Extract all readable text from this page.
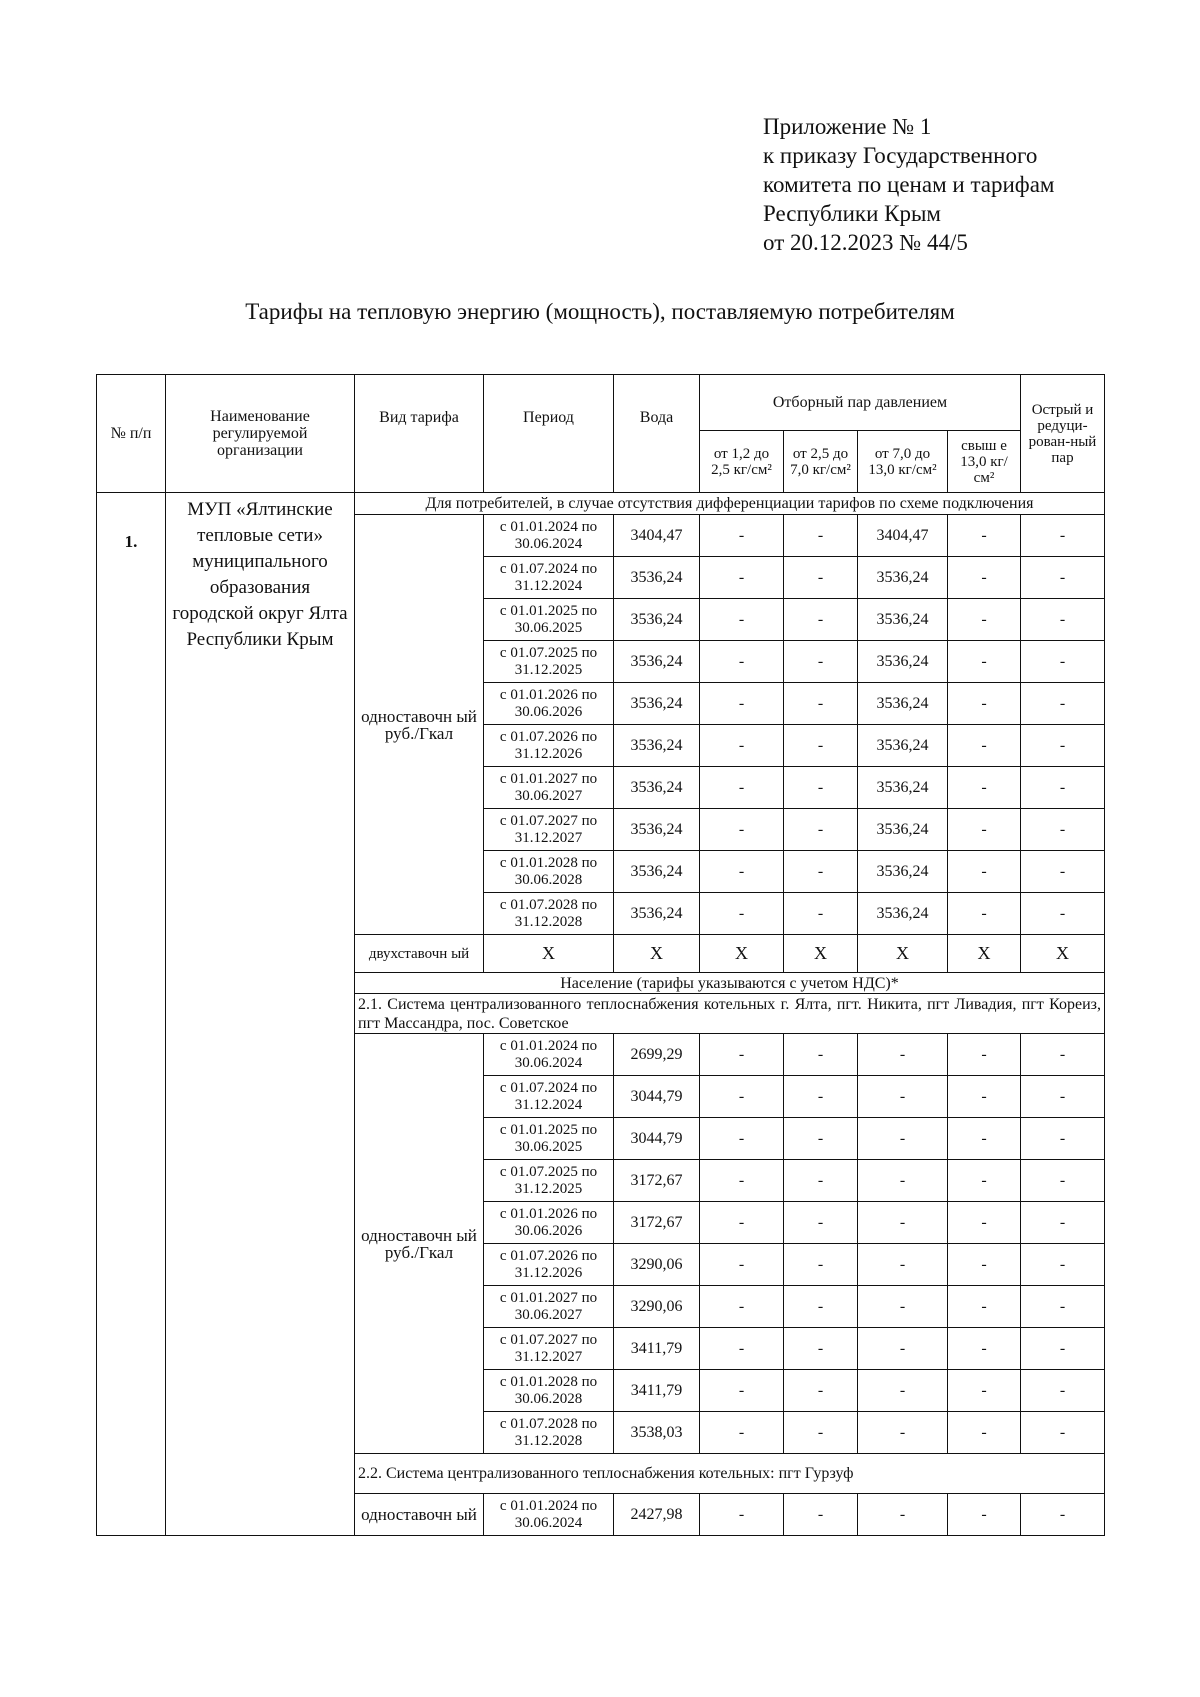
Приложение № 1
к приказу Государственного
комитета по ценам и тарифам
Республики Крым
от 20.12.2023 № 44/5
Тарифы на тепловую энергию (мощность), поставляемую потребителям
№ п/п	Наименование регулируемой организации	Вид тарифа	Период	Вода	Отборный пар давлением				Острый и редуци-рован-ный пар
					от 1,2 до 2,5 кг/см²	от 2,5 до 7,0 кг/см²	от 7,0 до 13,0 кг/см²	свыш е 13,0 кг/см²	
1.	МУП «Ялтинские тепловые сети» муниципального образования городской округ Ялта Республики Крым	Для потребителей, в случае отсутствия дифференциации тарифов по схеме подключения							
		одноставочн ый руб./Гкал	с 01.01.2024 по 30.06.2024	3404,47	-	-	3404,47	-	-
			с 01.07.2024 по 31.12.2024	3536,24	-	-	3536,24	-	-
			с 01.01.2025 по 30.06.2025	3536,24	-	-	3536,24	-	-
			с 01.07.2025 по 31.12.2025	3536,24	-	-	3536,24	-	-
			с 01.01.2026 по 30.06.2026	3536,24	-	-	3536,24	-	-
			с 01.07.2026 по 31.12.2026	3536,24	-	-	3536,24	-	-
			с 01.01.2027 по 30.06.2027	3536,24	-	-	3536,24	-	-
			с 01.07.2027 по 31.12.2027	3536,24	-	-	3536,24	-	-
			с 01.01.2028 по 30.06.2028	3536,24	-	-	3536,24	-	-
			с 01.07.2028 по 31.12.2028	3536,24	-	-	3536,24	-	-
		двухставочн ый	Х	Х	Х	Х	Х	Х	Х
		Население (тарифы указываются с учетом НДС)*							
		2.1. Система централизованного теплоснабжения котельных г. Ялта, пгт. Никита, пгт Ливадия, пгт Кореиз, пгт Массандра, пос. Советское							
		одноставочн ый руб./Гкал	с 01.01.2024 по 30.06.2024	2699,29	-	-	-	-	-
			с 01.07.2024 по 31.12.2024	3044,79	-	-	-	-	-
			с 01.01.2025 по 30.06.2025	3044,79	-	-	-	-	-
			с 01.07.2025 по 31.12.2025	3172,67	-	-	-	-	-
			с 01.01.2026 по 30.06.2026	3172,67	-	-	-	-	-
			с 01.07.2026 по 31.12.2026	3290,06	-	-	-	-	-
			с 01.01.2027 по 30.06.2027	3290,06	-	-	-	-	-
			с 01.07.2027 по 31.12.2027	3411,79	-	-	-	-	-
			с 01.01.2028 по 30.06.2028	3411,79	-	-	-	-	-
			с 01.07.2028 по 31.12.2028	3538,03	-	-	-	-	-
		2.2. Система централизованного теплоснабжения котельных: пгт Гурзуф							
		одноставочн ый	с 01.01.2024 по 30.06.2024	2427,98	-	-	-	-	-
